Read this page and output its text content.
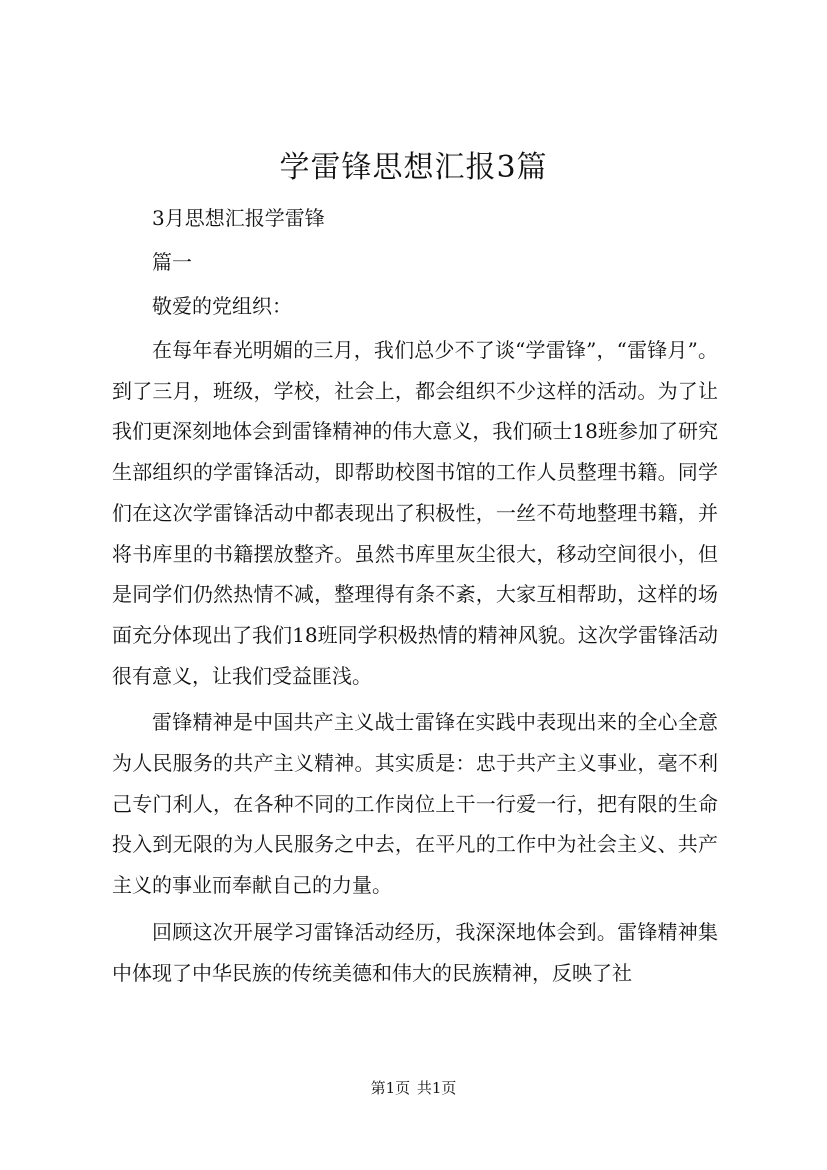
学雷锋思想汇报3篇

3月思想汇报学雷锋

篇一

敬爱的党组织：

在每年春光明媚的三月，我们总少不了谈“学雷锋”，“雷锋月”。到了三月，班级，学校，社会上，都会组织不少这样的活动。为了让我们更深刻地体会到雷锋精神的伟大意义，我们硕士18班参加了研究生部组织的学雷锋活动，即帮助校图书馆的工作人员整理书籍。同学们在这次学雷锋活动中都表现出了积极性，一丝不苟地整理书籍，并将书库里的书籍摆放整齐。虽然书库里灰尘很大，移动空间很小，但是同学们仍然热情不减，整理得有条不紊，大家互相帮助，这样的场面充分体现出了我们18班同学积极热情的精神风貌。这次学雷锋活动很有意义，让我们受益匪浅。

雷锋精神是中国共产主义战士雷锋在实践中表现出来的全心全意为人民服务的共产主义精神。其实质是：忠于共产主义事业，毫不利己专门利人，在各种不同的工作岗位上干一行爱一行，把有限的生命投入到无限的为人民服务之中去，在平凡的工作中为社会主义、共产主义的事业而奉献自己的力量。

回顾这次开展学习雷锋活动经历，我深深地体会到。雷锋精神集中体现了中华民族的传统美德和伟大的民族精神，反映了社

第1页 共1页
